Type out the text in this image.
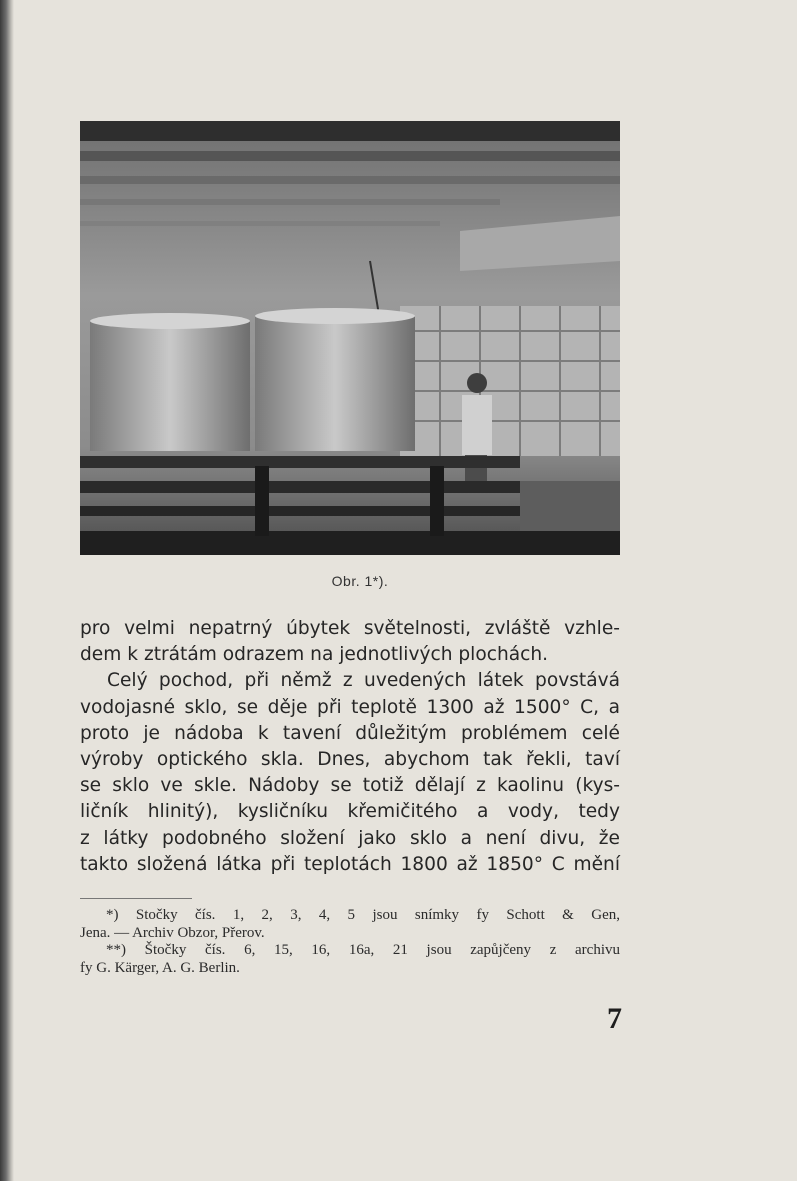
Obr. 1*).

pro velmi nepatrný úbytek světelnosti, zvláště vzhle-

dem k ztrátám odrazem na jednotlivých plochách.

Celý pochod, při němž z uvedených látek povstává

vodojasné sklo, se děje při teplotě 1300 až 1500° C, a

proto je nádoba k tavení důležitým problémem celé

výroby optického skla. Dnes, abychom tak řekli, taví

se sklo ve skle. Nádoby se totiž dělají z kaolinu (kys-

ličník hlinitý), kysličníku křemičitého a vody, tedy

z látky podobného složení jako sklo a není divu, že

takto složená látka při teplotách 1800 až 1850° C mění

*) Stočky čís. 1, 2, 3, 4, 5 jsou snímky fy Schott & Gen,

Jena. — Archiv Obzor, Přerov.

**) Štočky čís. 6, 15, 16, 16a, 21 jsou zapůjčeny z archivu

fy G. Kärger, A. G. Berlin.

7
